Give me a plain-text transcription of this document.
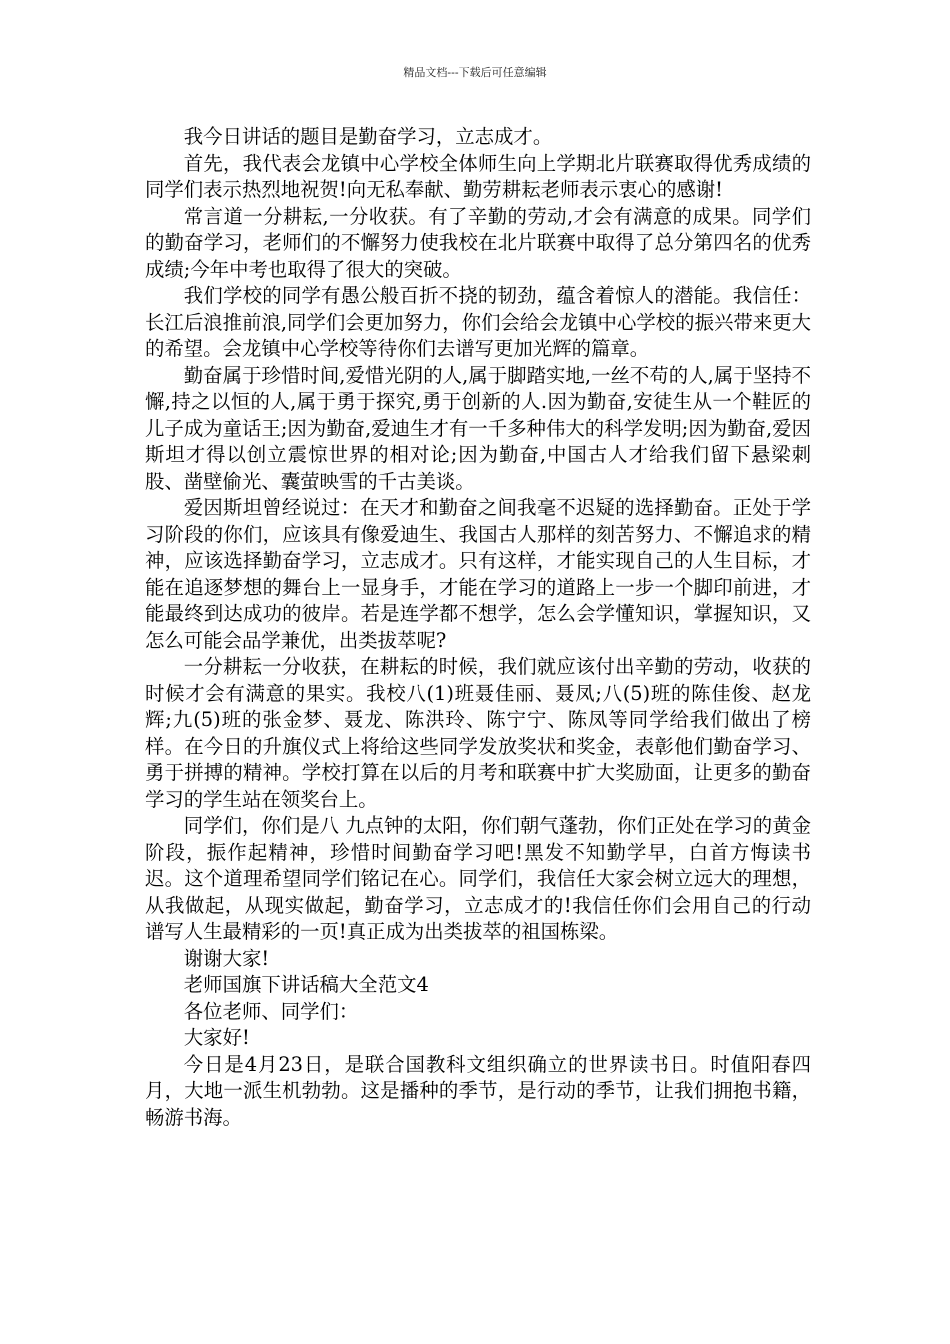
精品文档---下载后可任意编辑

我今日讲话的题目是勤奋学习，立志成才。

首先，我代表会龙镇中心学校全体师生向上学期北片联赛取得优秀成绩的同学们表示热烈地祝贺!向无私奉献、勤劳耕耘老师表示衷心的感谢!

常言道一分耕耘,一分收获。有了辛勤的劳动,才会有满意的成果。同学们的勤奋学习，老师们的不懈努力使我校在北片联赛中取得了总分第四名的优秀成绩;今年中考也取得了很大的突破。

我们学校的同学有愚公般百折不挠的韧劲，蕴含着惊人的潜能。我信任：长江后浪推前浪,同学们会更加努力，你们会给会龙镇中心学校的振兴带来更大的希望。会龙镇中心学校等待你们去谱写更加光辉的篇章。

勤奋属于珍惜时间,爱惜光阴的人,属于脚踏实地,一丝不苟的人,属于坚持不懈,持之以恒的人,属于勇于探究,勇于创新的人.因为勤奋,安徒生从一个鞋匠的儿子成为童话王;因为勤奋,爱迪生才有一千多种伟大的科学发明;因为勤奋,爱因斯坦才得以创立震惊世界的相对论;因为勤奋,中国古人才给我们留下悬梁刺股、凿壁偷光、囊萤映雪的千古美谈。

爱因斯坦曾经说过：在天才和勤奋之间我毫不迟疑的选择勤奋。正处于学习阶段的你们，应该具有像爱迪生、我国古人那样的刻苦努力、不懈追求的精神，应该选择勤奋学习，立志成才。只有这样，才能实现自己的人生目标，才能在追逐梦想的舞台上一显身手，才能在学习的道路上一步一个脚印前进，才能最终到达成功的彼岸。若是连学都不想学，怎么会学懂知识，掌握知识，又怎么可能会品学兼优，出类拔萃呢?

一分耕耘一分收获，在耕耘的时候，我们就应该付出辛勤的劳动，收获的时候才会有满意的果实。我校八(1)班聂佳丽、聂凤;八(5)班的陈佳俊、赵龙辉;九(5)班的张金梦、聂龙、陈洪玲、陈宁宁、陈凤等同学给我们做出了榜样。在今日的升旗仪式上将给这些同学发放奖状和奖金，表彰他们勤奋学习、勇于拼搏的精神。学校打算在以后的月考和联赛中扩大奖励面，让更多的勤奋学习的学生站在领奖台上。

同学们，你们是八 九点钟的太阳，你们朝气蓬勃，你们正处在学习的黄金阶段，振作起精神，珍惜时间勤奋学习吧!黑发不知勤学早，白首方悔读书迟。这个道理希望同学们铭记在心。同学们，我信任大家会树立远大的理想，从我做起，从现实做起，勤奋学习，立志成才的!我信任你们会用自己的行动谱写人生最精彩的一页!真正成为出类拔萃的祖国栋梁。

谢谢大家!

老师国旗下讲话稿大全范文4

各位老师、同学们：

大家好!

今日是4月23日，是联合国教科文组织确立的世界读书日。时值阳春四月，大地一派生机勃勃。这是播种的季节，是行动的季节，让我们拥抱书籍，畅游书海。
